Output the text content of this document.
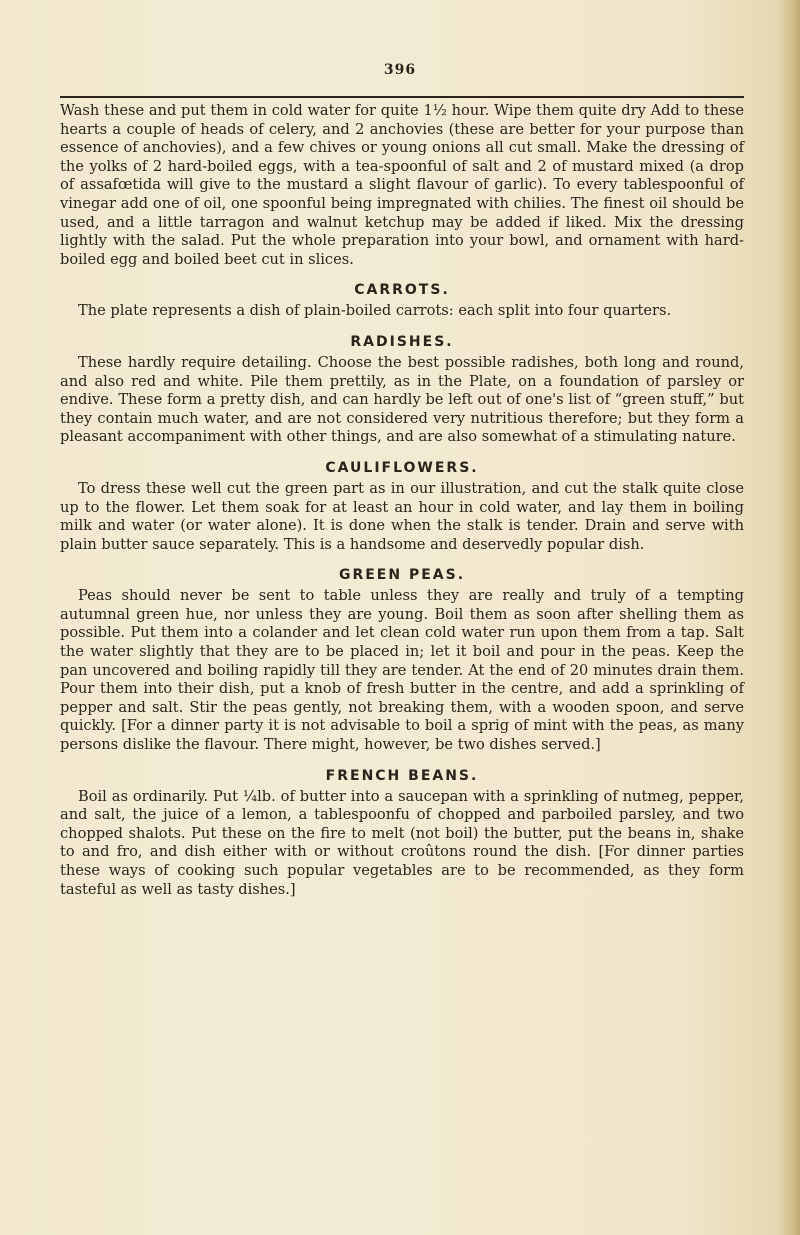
396

Wash these and put them in cold water for quite 1½ hour. Wipe them quite dry Add to these hearts a couple of heads of celery, and 2 anchovies (these are better for your purpose than essence of anchovies), and a few chives or young onions all cut small. Make the dressing of the yolks of 2 hard-boiled eggs, with a tea-spoonful of salt and 2 of mustard mixed (a drop of assafœtida will give to the mustard a slight flavour of garlic). To every tablespoonful of vinegar add one of oil, one spoonful being impregnated with chilies. The finest oil should be used, and a little tarragon and walnut ketchup may be added if liked. Mix the dressing lightly with the salad. Put the whole preparation into your bowl, and ornament with hard-boiled egg and boiled beet cut in slices.

CARROTS.

The plate represents a dish of plain-boiled carrots: each split into four quarters.

RADISHES.

These hardly require detailing. Choose the best possible radishes, both long and round, and also red and white. Pile them prettily, as in the Plate, on a foundation of parsley or endive. These form a pretty dish, and can hardly be left out of one's list of “green stuff,” but they contain much water, and are not considered very nutritious therefore; but they form a pleasant accompaniment with other things, and are also somewhat of a stimulating nature.

CAULIFLOWERS.

To dress these well cut the green part as in our illustration, and cut the stalk quite close up to the flower. Let them soak for at least an hour in cold water, and lay them in boiling milk and water (or water alone). It is done when the stalk is tender. Drain and serve with plain butter sauce separately. This is a handsome and deservedly popular dish.

GREEN PEAS.

Peas should never be sent to table unless they are really and truly of a tempting autumnal green hue, nor unless they are young. Boil them as soon after shelling them as possible. Put them into a colander and let clean cold water run upon them from a tap. Salt the water slightly that they are to be placed in; let it boil and pour in the peas. Keep the pan uncovered and boiling rapidly till they are tender. At the end of 20 minutes drain them. Pour them into their dish, put a knob of fresh butter in the centre, and add a sprinkling of pepper and salt. Stir the peas gently, not breaking them, with a wooden spoon, and serve quickly. [For a dinner party it is not advisable to boil a sprig of mint with the peas, as many persons dislike the flavour. There might, however, be two dishes served.]

FRENCH BEANS.

Boil as ordinarily. Put ¼lb. of butter into a saucepan with a sprinkling of nutmeg, pepper, and salt, the juice of a lemon, a tablespoonfu of chopped and parboiled parsley, and two chopped shalots. Put these on the fire to melt (not boil) the butter, put the beans in, shake to and fro, and dish either with or without croûtons round the dish. [For dinner parties these ways of cooking such popular vegetables are to be recommended, as they form tasteful as well as tasty dishes.]
